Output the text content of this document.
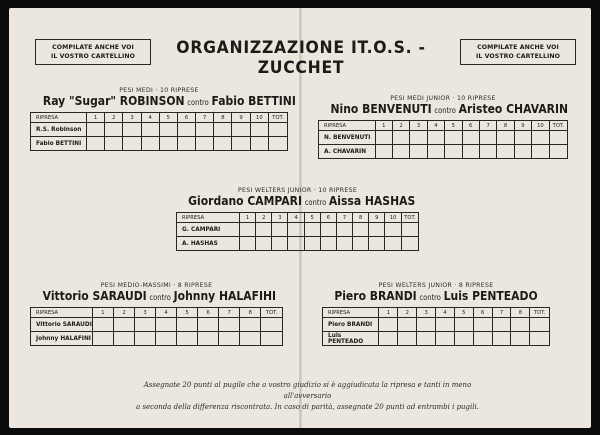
COMPILATE ANCHE VOI
IL VOSTRO CARTELLINO	ORGANIZZAZIONE IT.O.S. - ZUCCHET
COMPILATE ANCHE VOI
IL VOSTRO CARTELLINO
PESI MEDI · 10 RIPRESE
Ray "Sugar" ROBINSON contro Fabio BETTINI
RIPRESA	1	2	3	4	5	6	7	8	9	10	TOT.
R.S. Robinson											
Fabio BETTINI											
PESI MEDI JUNIOR · 10 RIPRESE
Nino BENVENUTI contro Aristeo CHAVARIN
RIPRESA	1	2	3	4	5	6	7	8	9	10	TOT.
N. BENVENUTI											
A. CHAVARIN											
PESI WELTERS JUNIOR · 10 RIPRESE
Giordano CAMPARI contro Aissa HASHAS
RIPRESA	1	2	3	4	5	6	7	8	9	10	TOT.
G. CAMPARI											
A. HASHAS											
PESI MEDIO-MASSIMI · 8 RIPRESE
Vittorio SARAUDI contro Johnny HALAFIHI
RIPRESA	1	2	3	4	5	6	7	8	TOT.
Vittorio SARAUDI									
Johnny HALAFINI									
PESI WELTERS JUNIOR · 8 RIPRESE
Piero BRANDI contro Luis PENTEADO
RIPRESA	1	2	3	4	5	6	7	8	TOT.
Piero BRANDI									
Luis PENTEADO									
Assegnate 20 punti al pugile che a vostro giudizio si è aggiudicata la ripresa e tanti in meno all'avversario
a seconda della differenza riscontrata. In caso di parità, assegnate 20 punti ad entrambi i pugili.
